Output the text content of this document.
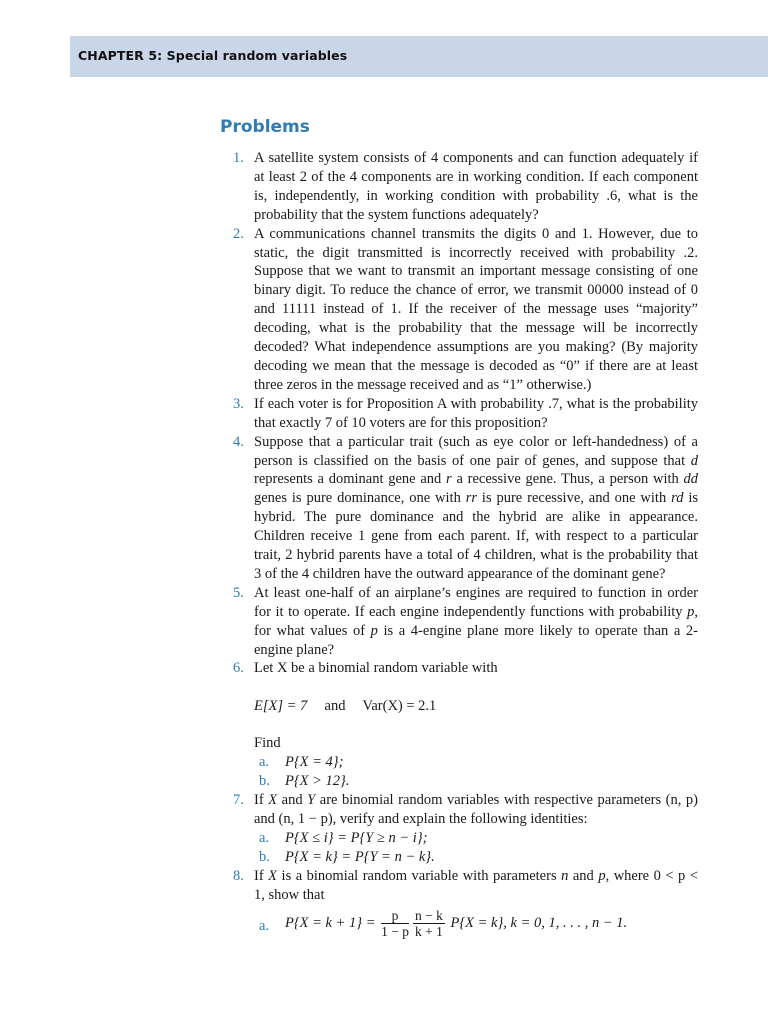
CHAPTER 5: Special random variables
Problems
1. A satellite system consists of 4 components and can function adequately if at least 2 of the 4 components are in working condition. If each component is, independently, in working condition with probability .6, what is the probability that the system functions adequately?
2. A communications channel transmits the digits 0 and 1. However, due to static, the digit transmitted is incorrectly received with probability .2. Suppose that we want to transmit an important message consisting of one binary digit. To reduce the chance of error, we transmit 00000 instead of 0 and 11111 instead of 1. If the receiver of the message uses “majority” decoding, what is the probability that the message will be incorrectly decoded? What independence assumptions are you making? (By majority decoding we mean that the message is decoded as “0” if there are at least three zeros in the message received and as “1” otherwise.)
3. If each voter is for Proposition A with probability .7, what is the probability that exactly 7 of 10 voters are for this proposition?
4. Suppose that a particular trait (such as eye color or left-handedness) of a person is classified on the basis of one pair of genes, and suppose that d represents a dominant gene and r a recessive gene. Thus, a person with dd genes is pure dominance, one with rr is pure recessive, and one with rd is hybrid. The pure dominance and the hybrid are alike in appearance. Children receive 1 gene from each parent. If, with respect to a particular trait, 2 hybrid parents have a total of 4 children, what is the probability that 3 of the 4 children have the outward appearance of the dominant gene?
5. At least one-half of an airplane’s engines are required to function in order for it to operate. If each engine independently functions with probability p, for what values of p is a 4-engine plane more likely to operate than a 2-engine plane?
6. Let X be a binomial random variable with
E[X] = 7 and Var(X) = 2.1
Find
a. P{X = 4};
b. P{X > 12}.
7. If X and Y are binomial random variables with respective parameters (n, p) and (n, 1 − p), verify and explain the following identities:
a. P{X ≤ i} = P{Y ≥ n − i};
b. P{X = k} = P{Y = n − k}.
8. If X is a binomial random variable with parameters n and p, where 0 < p < 1, show that
a. $P\{X = k + 1\} = \frac{p}{1 - p} \frac{n - k}{k + 1} P\{X = k\}$, k = 0, 1, . . . , n − 1.
